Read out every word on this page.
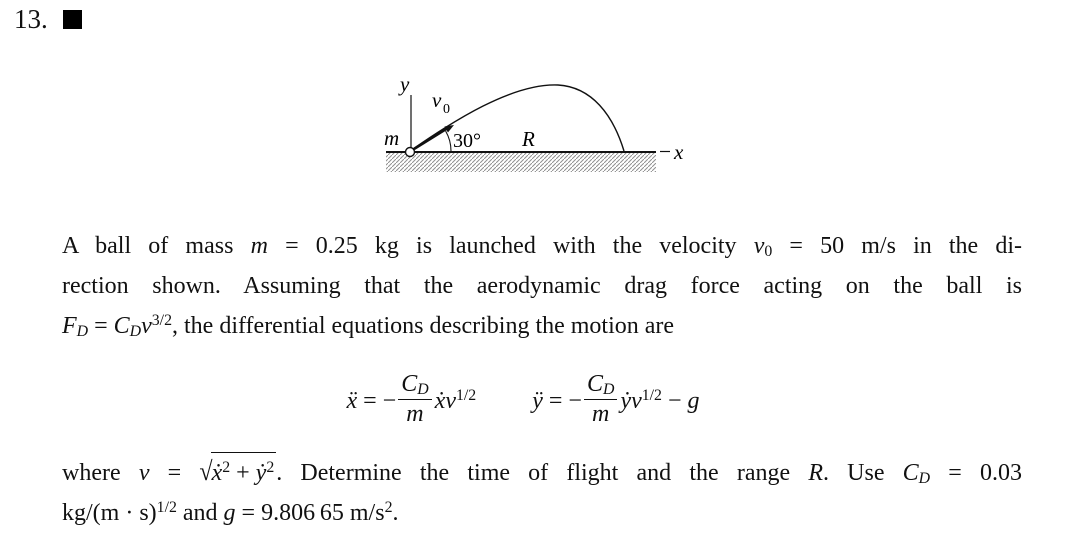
13.
y
30°
v 0
m	R
x
A ball of mass m = 0.25 kg is launched with the velocity v0 = 50 m/s in the di-
rection shown. Assuming that the aerodynamic drag force acting on the ball is
FD = CDv$^{3/2}$, the differential equations describing the motion are
ẍ = − $\frac{CD}{m}$ ẋv$^{1/2}$ ÿ = − $\frac{CD}{m}$ ẏv$^{1/2}$ − g
where v = √ẋ$^2$ + ẏ$^2$. Determine the time of flight and the range R. Use CD = 0.03
$kg/(m \cdot s)^{1/2}$ and g = 9.806 65 $m/s^2$.
